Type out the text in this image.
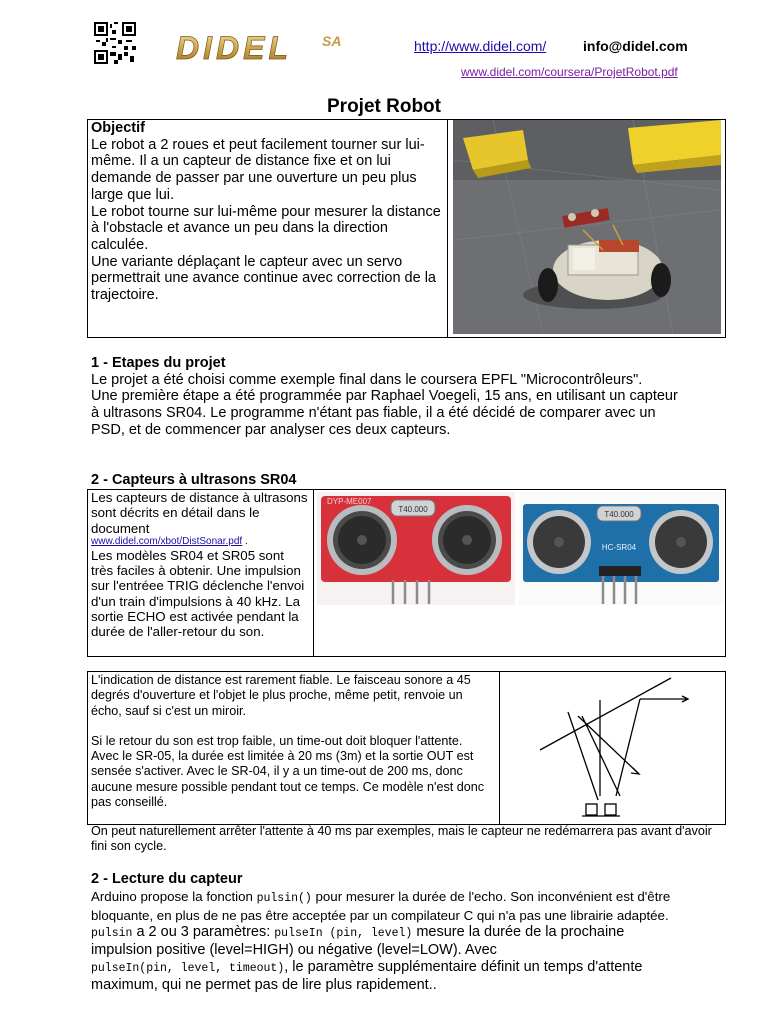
DIDEL SA	http://www.didel.com/	info@didel.com
www.didel.com/coursera/ProjetRobot.pdf
Projet Robot

Objectif

Le robot a 2 roues et peut facilement tourner sur lui-même. Il a un capteur de distance fixe et on lui demande de passer par une ouverture un peu plus large que lui.

Le robot tourne sur lui-même pour mesurer la distance à l'obstacle et avance un peu dans la direction calculée.

Une variante déplaçant le capteur avec un servo permettrait une avance continue avec correction de la trajectoire.

1 - Etapes du projet

Le projet a été choisi comme exemple final dans le coursera EPFL "Microcontrôleurs".

Une première étape a été programmée par Raphael Voegeli, 15 ans, en utilisant un capteur

à ultrasons SR04. Le programme n'étant pas fiable, il a été décidé de comparer avec un

PSD, et de commencer par analyser ces deux capteurs.

2 - Capteurs à ultrasons SR04

Les capteurs de distance à ultrasons sont décrits en détail dans le document

www.didel.com/xbot/DistSonar.pdf .

Les modèles SR04 et SR05 sont très faciles à obtenir. Une impulsion sur l'entréee TRIG déclenche l'envoi d'un train d'impulsions à 40 kHz. La sortie ECHO est activée pendant la durée de l'aller-retour du son.

T40.000
DYP-ME007
T40.000
HC-SR04

L'indication de distance est rarement fiable. Le faisceau sonore a 45 degrés d'ouverture et l'objet le plus proche, même petit, renvoie un écho, sauf si c'est un miroir.

Si le retour du son est trop faible, un time-out doit bloquer l'attente. Avec le SR-05, la durée est limitée à 20 ms (3m) et la sortie OUT est sensée s'activer. Avec le SR-04, il y a un time-out de 200 ms, donc aucune mesure possible pendant tout ce temps. Ce modèle n'est donc pas conseillé.

On peut naturellement arrêter l'attente à 40 ms par exemples, mais le capteur ne redémarrera pas avant d'avoir fini son cycle.

2 - Lecture du capteur

Arduino propose la fonction pulsin() pour mesurer la durée de l'echo. Son inconvénient est d'être

bloquante, en plus de ne pas être acceptée par un compilateur C qui n'a pas une librairie adaptée.

pulsin a 2 ou 3 paramètres: pulseIn (pin, level) mesure la durée de la prochaine

impulsion positive (level=HIGH) ou négative (level=LOW). Avec

pulseIn(pin, level, timeout), le paramètre supplémentaire définit un temps d'attente

maximum, qui ne permet pas de lire plus rapidement..
